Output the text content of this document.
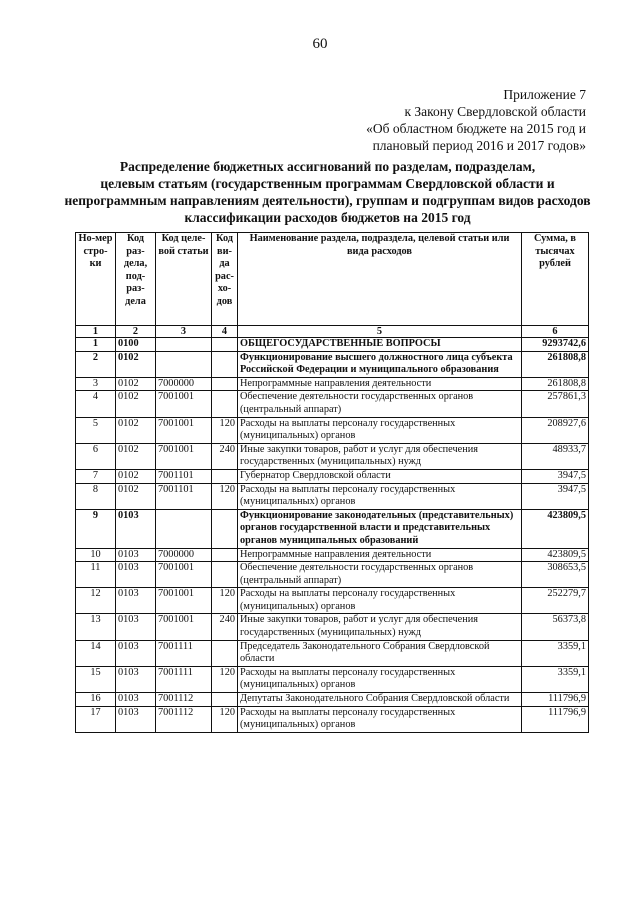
60
Приложение 7
к Закону Свердловской области
«Об областном бюджете на 2015 год и
плановый период 2016 и 2017 годов»
Распределение бюджетных ассигнований по разделам, подразделам,
целевым статьям (государственным программам Свердловской области и
непрограммным направлениям деятельности), группам и подгруппам видов расходов
классификации расходов бюджетов на 2015 год
Но-мер стро-ки	Код раз-дела, под-раз-дела	Код целе-вой статьи	Код ви-да рас-хо-дов	Наименование раздела, подраздела, целевой статьи или вида расходов	Сумма, в тысячах рублей
1	2	3	4	5	6
1	0100			ОБЩЕГОСУДАРСТВЕННЫЕ ВОПРОСЫ	9293742,6
2	0102			Функционирование высшего должностного лица субъекта Российской Федерации и муниципального образования	261808,8
3	0102	7000000		Непрограммные направления деятельности	261808,8
4	0102	7001001		Обеспечение деятельности государственных органов (центральный аппарат)	257861,3
5	0102	7001001	120	Расходы на выплаты персоналу государственных (муниципальных) органов	208927,6
6	0102	7001001	240	Иные закупки товаров, работ и услуг для обеспечения государственных (муниципальных) нужд	48933,7
7	0102	7001101		Губернатор Свердловской области	3947,5
8	0102	7001101	120	Расходы на выплаты персоналу государственных (муниципальных) органов	3947,5
9	0103			Функционирование законодательных (представительных) органов государственной власти и представительных органов муниципальных образований	423809,5
10	0103	7000000		Непрограммные направления деятельности	423809,5
11	0103	7001001		Обеспечение деятельности государственных органов (центральный аппарат)	308653,5
12	0103	7001001	120	Расходы на выплаты персоналу государственных (муниципальных) органов	252279,7
13	0103	7001001	240	Иные закупки товаров, работ и услуг для обеспечения государственных (муниципальных) нужд	56373,8
14	0103	7001111		Председатель Законодательного Собрания Свердловской области	3359,1
15	0103	7001111	120	Расходы на выплаты персоналу государственных (муниципальных) органов	3359,1
16	0103	7001112		Депутаты Законодательного Собрания Свердловской области	111796,9
17	0103	7001112	120	Расходы на выплаты персоналу государственных (муниципальных) органов	111796,9
